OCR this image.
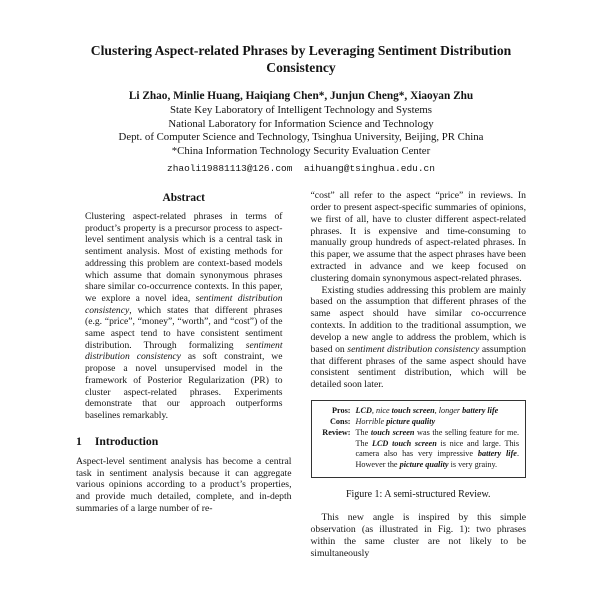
Clustering Aspect-related Phrases by Leveraging Sentiment Distribution Consistency
Li Zhao, Minlie Huang, Haiqiang Chen*, Junjun Cheng*, Xiaoyan Zhu
State Key Laboratory of Intelligent Technology and Systems
National Laboratory for Information Science and Technology
Dept. of Computer Science and Technology, Tsinghua University, Beijing, PR China
*China Information Technology Security Evaluation Center
zhaoli19881113@126.com  aihuang@tsinghua.edu.cn
Abstract

Clustering aspect-related phrases in terms of product’s property is a precursor process to aspect-level sentiment analysis which is a central task in sentiment analysis. Most of existing methods for addressing this problem are context-based models which assume that domain synonymous phrases share similar co-occurrence contexts. In this paper, we explore a novel idea, sentiment distribution consistency, which states that different phrases (e.g. “price”, “money”, “worth”, and “cost”) of the same aspect tend to have consistent sentiment distribution. Through formalizing sentiment distribution consistency as soft constraint, we propose a novel unsupervised model in the framework of Posterior Regularization (PR) to cluster aspect-related phrases. Experiments demonstrate that our approach outperforms baselines remarkably.

1 Introduction

Aspect-level sentiment analysis has become a central task in sentiment analysis because it can aggregate various opinions according to a product’s properties, and provide much detailed, complete, and in-depth summaries of a large number of re-

“cost” all refer to the aspect “price” in reviews. In order to present aspect-specific summaries of opinions, we first of all, have to cluster different aspect-related phrases. It is expensive and time-consuming to manually group hundreds of aspect-related phrases. In this paper, we assume that the aspect phrases have been extracted in advance and we keep focused on clustering domain synonymous aspect-related phrases.

Existing studies addressing this problem are mainly based on the assumption that different phrases of the same aspect should have similar co-occurrence contexts. In addition to the traditional assumption, we develop a new angle to address the problem, which is based on sentiment distribution consistency assumption that different phrases of the same aspect should have consistent sentiment distribution, which will be detailed soon later.

Pros: LCD, nice touch screen, longer battery life
Cons: Horrible picture quality
Review: The touch screen was the selling feature for me. The LCD touch screen is nice and large. This camera also has very impressive battery life. However the picture quality is very grainy.
Figure 1: A semi-structured Review.

This new angle is inspired by this simple observation (as illustrated in Fig. 1): two phrases within the same cluster are not likely to be simultaneously
